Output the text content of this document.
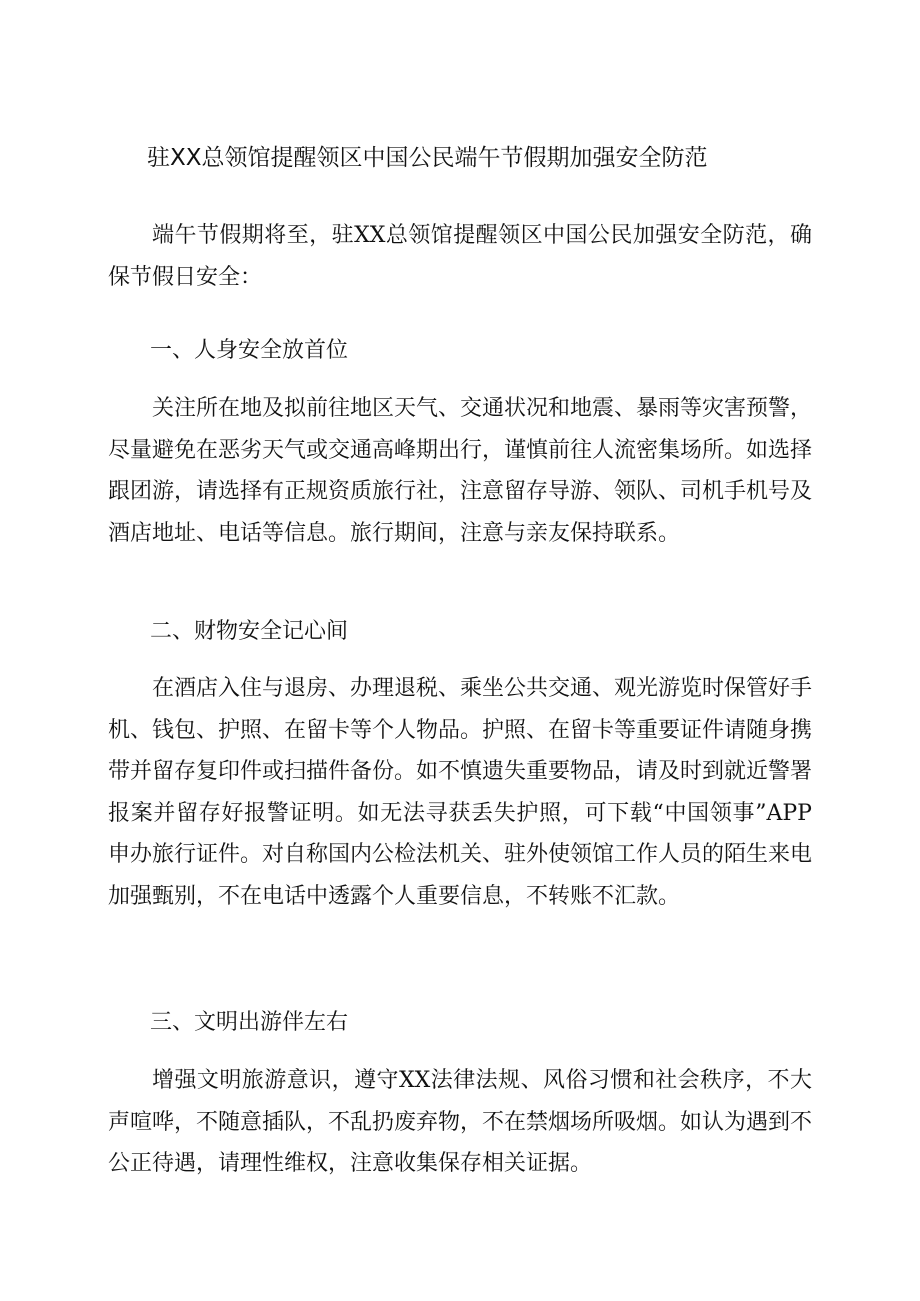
驻XX总领馆提醒领区中国公民端午节假期加强安全防范
端午节假期将至，驻XX总领馆提醒领区中国公民加强安全防范，确保节假日安全：
一、人身安全放首位
关注所在地及拟前往地区天气、交通状况和地震、暴雨等灾害预警，尽量避免在恶劣天气或交通高峰期出行，谨慎前往人流密集场所。如选择跟团游，请选择有正规资质旅行社，注意留存导游、领队、司机手机号及酒店地址、电话等信息。旅行期间，注意与亲友保持联系。
二、财物安全记心间
在酒店入住与退房、办理退税、乘坐公共交通、观光游览时保管好手机、钱包、护照、在留卡等个人物品。护照、在留卡等重要证件请随身携带并留存复印件或扫描件备份。如不慎遗失重要物品，请及时到就近警署报案并留存好报警证明。如无法寻获丢失护照，可下载“中国领事”APP申办旅行证件。对自称国内公检法机关、驻外使领馆工作人员的陌生来电加强甄别，不在电话中透露个人重要信息，不转账不汇款。
三、文明出游伴左右
增强文明旅游意识，遵守XX法律法规、风俗习惯和社会秩序，不大声喧哗，不随意插队，不乱扔废弃物，不在禁烟场所吸烟。如认为遇到不公正待遇，请理性维权，注意收集保存相关证据。
